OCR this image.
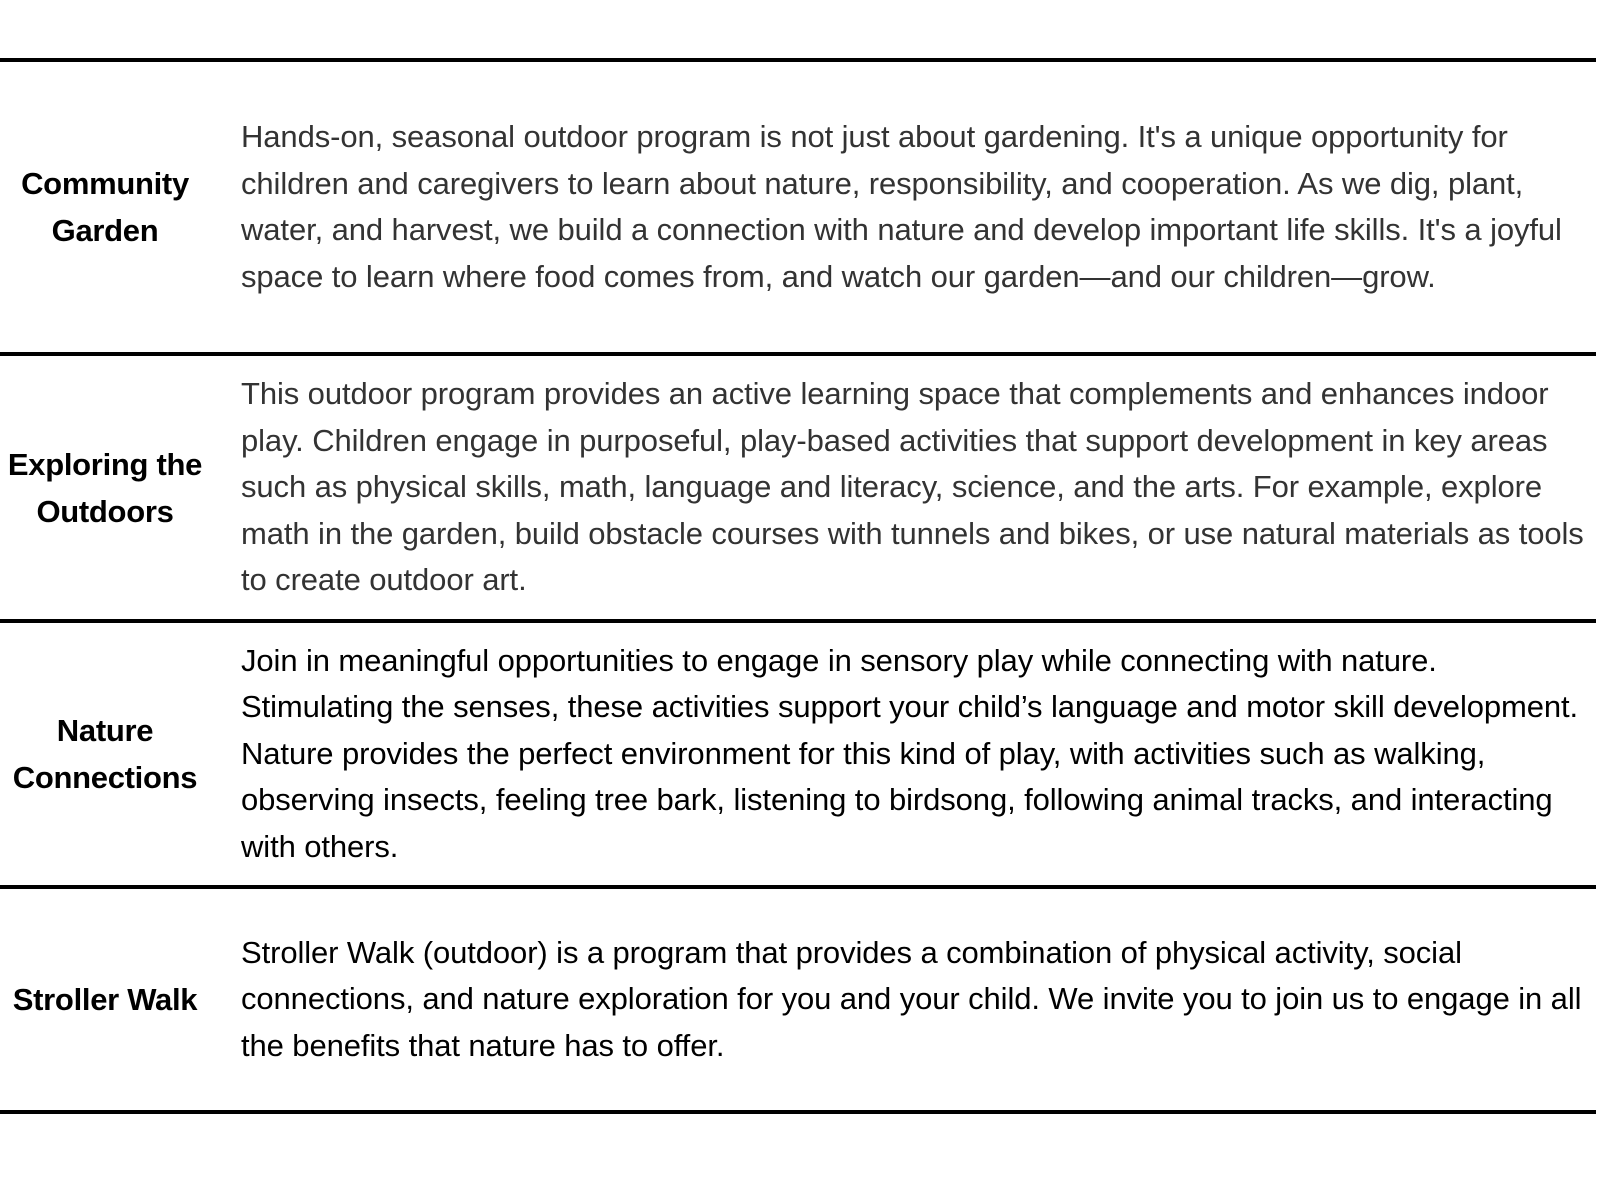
Community Garden
Hands-on, seasonal outdoor program is not just about gardening. It's a unique opportunity for children and caregivers to learn about nature, responsibility, and cooperation. As we dig, plant, water, and harvest, we build a connection with nature and develop important life skills. It's a joyful space to learn where food comes from, and watch our garden—and our children—grow.
Exploring the Outdoors
This outdoor program provides an active learning space that complements and enhances indoor play. Children engage in purposeful, play-based activities that support development in key areas such as physical skills, math, language and literacy, science, and the arts. For example, explore math in the garden, build obstacle courses with tunnels and bikes, or use natural materials as tools to create outdoor art.
Nature Connections
Join in meaningful opportunities to engage in sensory play while connecting with nature. Stimulating the senses, these activities support your child’s language and motor skill development. Nature provides the perfect environment for this kind of play, with activities such as walking, observing insects, feeling tree bark, listening to birdsong, following animal tracks, and interacting with others.
Stroller Walk
Stroller Walk (outdoor) is a program that provides a combination of physical activity, social connections, and nature exploration for you and your child. We invite you to join us to engage in all the benefits that nature has to offer.
